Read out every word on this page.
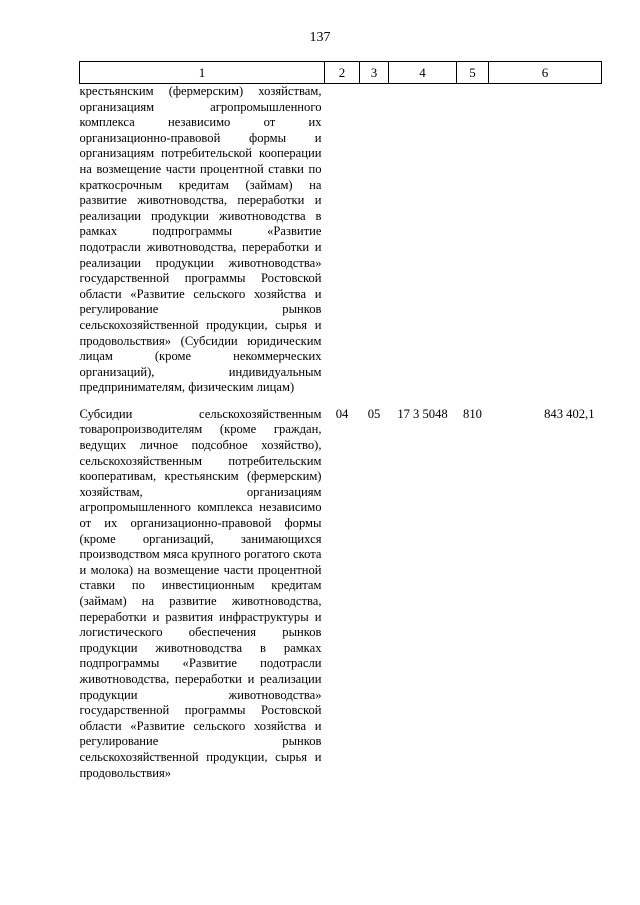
137
1	2	3	4	5	6
крестьянским (фермерским) хозяйствам, организациям агропромышленного комплекса независимо от их организационно-правовой формы и организациям потребительской кооперации на возмещение части процентной ставки по краткосрочным кредитам (займам) на развитие животноводства, переработки и реализации продукции животноводства в рамках подпрограммы «Развитие подотрасли животноводства, переработки и реализации продукции животноводства» государственной программы Ростовской области «Развитие сельского хозяйства и регулирование рынков сельскохозяйственной продукции, сырья и продовольствия» (Субсидии юридическим лицам (кроме некоммерческих организаций), индивидуальным предпринимателям, физическим лицам)					

Субсидии сельскохозяйственным товаропроизводителям (кроме граждан, ведущих личное подсобное хозяйство), сельскохозяйственным потребительским кооперативам, крестьянским (фермерским) хозяйствам, организациям агропромышленного комплекса независимо от их организационно-правовой формы (кроме организаций, занимающихся производством мяса крупного рогатого скота и молока) на возмещение части процентной ставки по инвестиционным кредитам (займам) на развитие животноводства, переработки и развития инфраструктуры и логистического обеспечения рынков продукции животноводства в рамках подпрограммы «Развитие подотрасли животноводства, переработки и реализации продукции животноводства» государственной программы Ростовской области «Развитие сельского хозяйства и регулирование рынков сельскохозяйственной продукции, сырья и продовольствия»	04	05	17 3 5048	810	843 402,1
